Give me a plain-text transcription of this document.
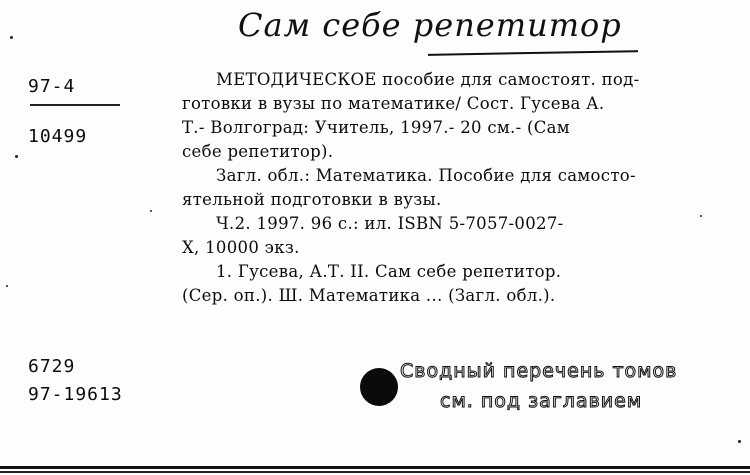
Сам себе репетитор
97-4
10499
6729
97-19613

МЕТОДИЧЕСКОЕ пособие для самостоят. под-

готовки в вузы по математике/ Сост. Гусева А.

Т.- Волгоград: Учитель, 1997.- 20 см.- (Сам

себе репетитор).

Загл. обл.: Математика. Пособие для самосто-

ятельной подготовки в вузы.

Ч.2. 1997. 96 с.: ил. ISBN 5-7057-0027-

Х, 10000 экз.

1. Гусева, А.Т. II. Сам себе репетитор.

(Сер. оп.). Ш. Математика ... (Загл. обл.).

Сводный перечень томов
см. под заглавием
